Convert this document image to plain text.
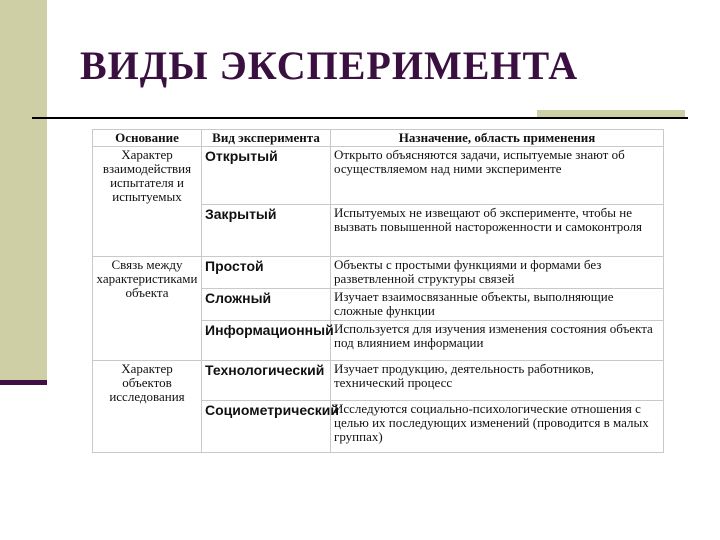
ВИДЫ ЭКСПЕРИМЕНТА
Основание	Вид эксперимента	Назначение, область применения
Характер взаимодействия испытателя и испытуемых	Открытый	Открыто объясняются задачи, испытуемые знают об осуществляемом над ними эксперименте
	Закрытый	Испытуемых не извещают об эксперименте, чтобы не вызвать повышенной настороженности и самоконтроля
Связь между характеристиками объекта	Простой	Объекты с простыми функциями и формами без разветвленной структуры связей
	Сложный	Изучает взаимосвязанные объекты, выполняющие сложные функции
	Информационный	Используется для изучения изменения состояния объекта под влиянием информации
Характер объектов исследования	Технологический	Изучает продукцию, деятельность работников, технический процесс
	Социометрический	Исследуются социально-психологические отношения с целью их последующих изменений (проводится в малых группах)
